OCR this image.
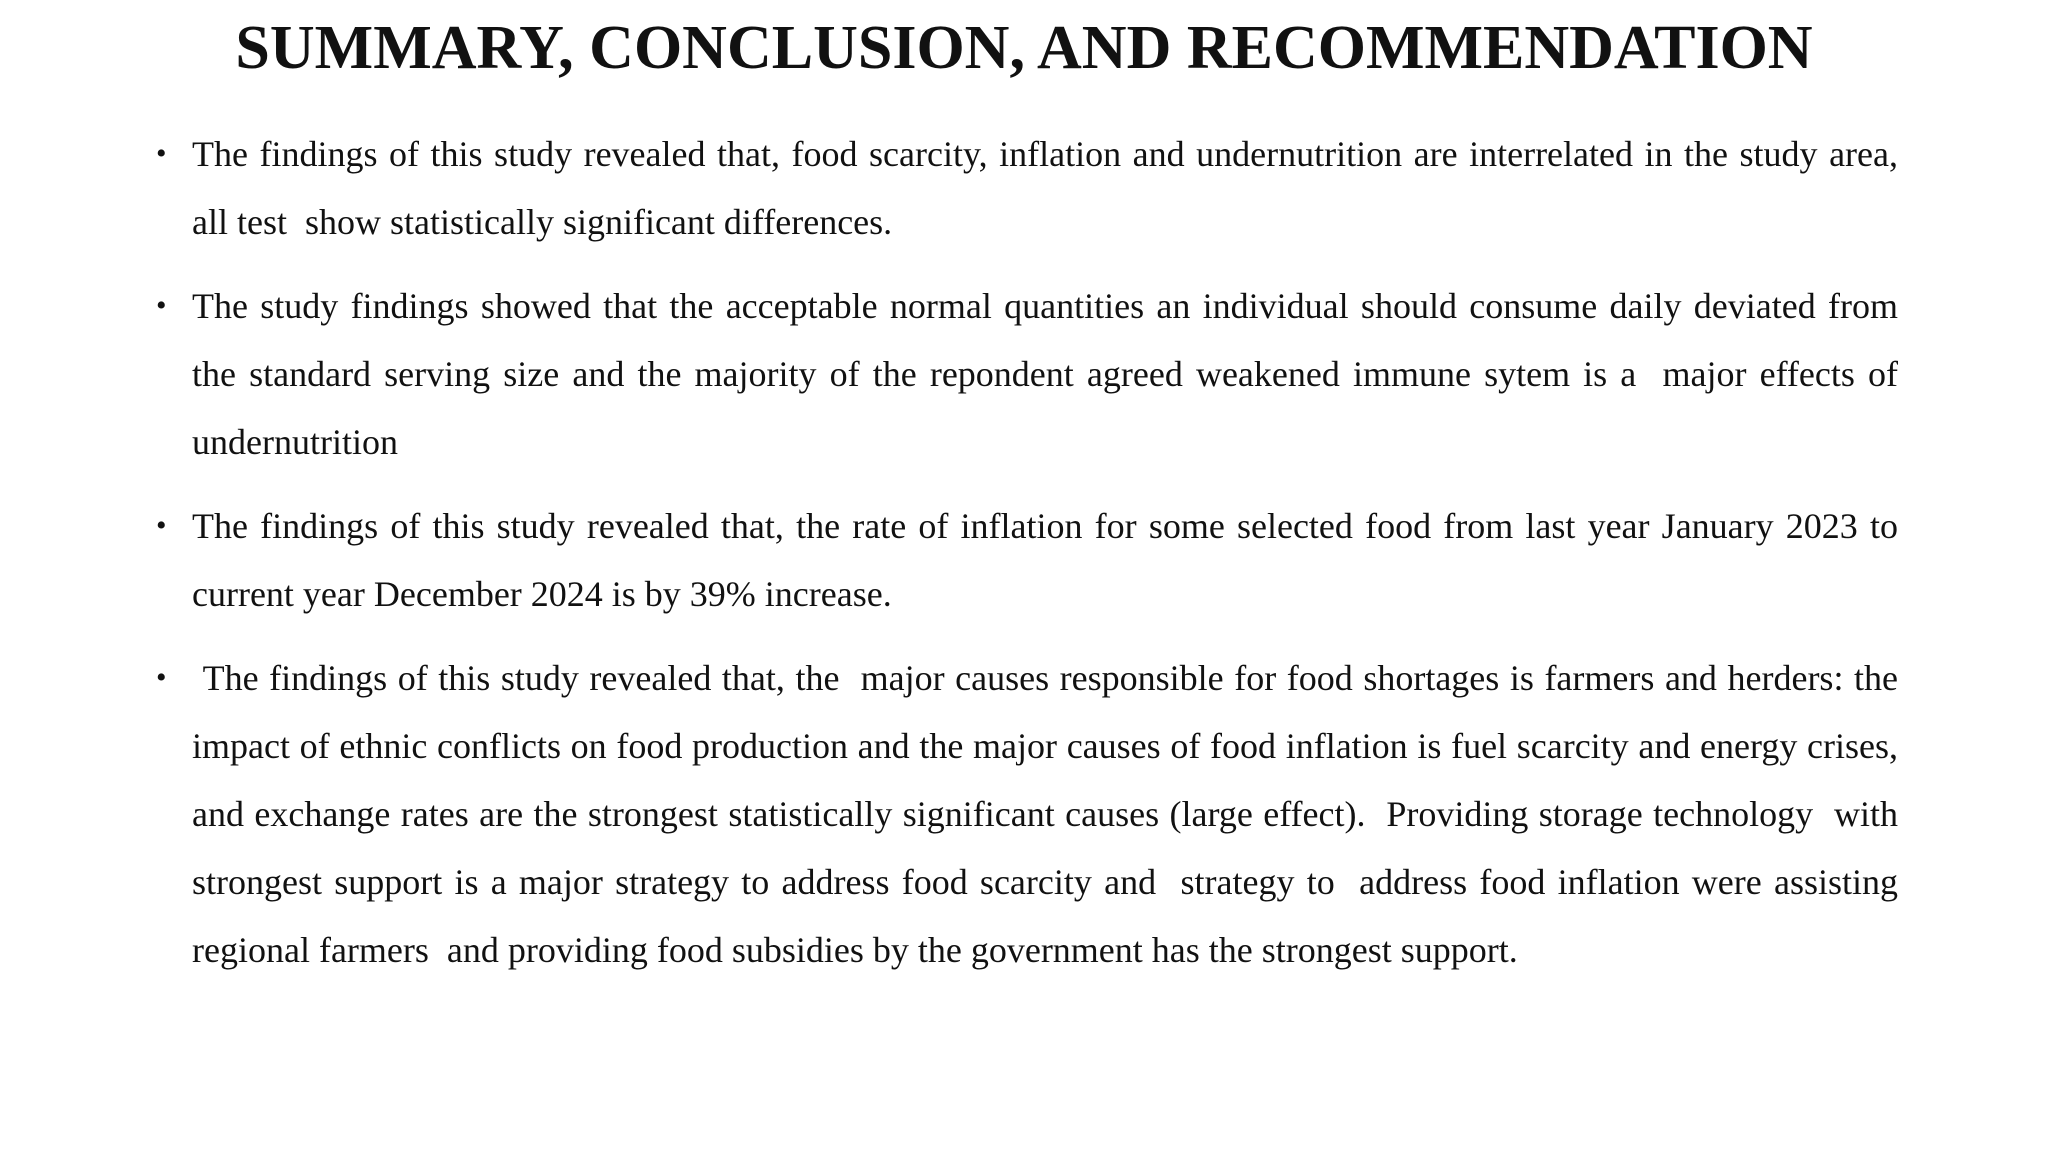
SUMMARY, CONCLUSION, AND RECOMMENDATION
• The findings of this study revealed that, food scarcity, inflation and undernutrition are interrelated in the study area, all test  show statistically significant differences.
• The study findings showed that the acceptable normal quantities an individual should consume daily deviated from the standard serving size and the majority of the repondent agreed weakened immune sytem is a  major effects of undernutrition
• The findings of this study revealed that, the rate of inflation for some selected food from last year January 2023 to current year December 2024 is by 39% increase.
• The findings of this study revealed that, the  major causes responsible for food shortages is farmers and herders: the impact of ethnic conflicts on food production and the major causes of food inflation is fuel scarcity and energy crises, and exchange rates are the strongest statistically significant causes (large effect).  Providing storage technology  with strongest support is a major strategy to address food scarcity and  strategy to  address food inflation were assisting regional farmers  and providing food subsidies by the government has the strongest support.
